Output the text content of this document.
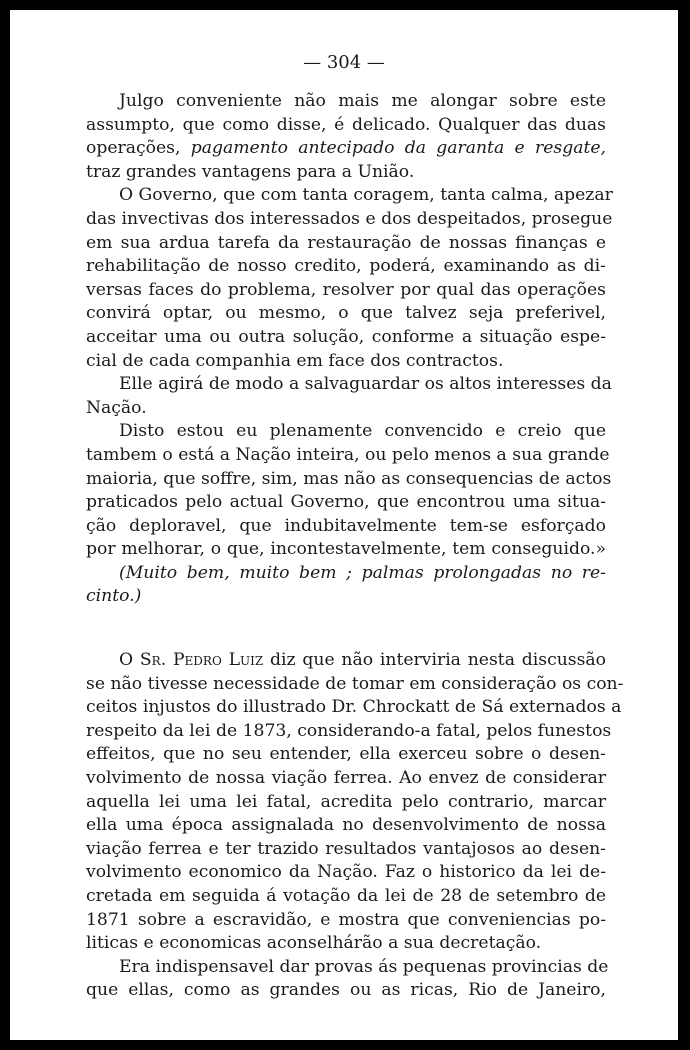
— 304 —

Julgo conveniente não mais me alongar sobre este
assumpto, que como disse, é delicado. Qualquer das duas
operações, pagamento antecipado da garanta e resgate,
traz grandes vantagens para a União.

O Governo, que com tanta coragem, tanta calma, apezar
das invectivas dos interessados e dos despeitados, prosegue
em sua ardua tarefa da restauração de nossas finanças e
rehabilitação de nosso credito, poderá, examinando as di-
versas faces do problema, resolver por qual das operações
convirá optar, ou mesmo, o que talvez seja preferivel,
acceitar uma ou outra solução, conforme a situação espe-
cial de cada companhia em face dos contractos.

Elle agirá de modo a salvaguardar os altos interesses da
Nação.

Disto estou eu plenamente convencido e creio que
tambem o está a Nação inteira, ou pelo menos a sua grande
maioria, que soffre, sim, mas não as consequencias de actos
praticados pelo actual Governo, que encontrou uma situa-
ção deploravel, que indubitavelmente tem-se esforçado
por melhorar, o que, incontestavelmente, tem conseguido.»

(Muito bem, muito bem ; palmas prolongadas no re-
cinto.)

O Sr. Pedro Luiz diz que não interviria nesta discussão
se não tivesse necessidade de tomar em consideração os con-
ceitos injustos do illustrado Dr. Chrockatt de Sá externados a
respeito da lei de 1873, considerando-a fatal, pelos funestos
effeitos, que no seu entender, ella exerceu sobre o desen-
volvimento de nossa viação ferrea. Ao envez de considerar
aquella lei uma lei fatal, acredita pelo contrario, marcar
ella uma época assignalada no desenvolvimento de nossa
viação ferrea e ter trazido resultados vantajosos ao desen-
volvimento economico da Nação. Faz o historico da lei de-
cretada em seguida á votação da lei de 28 de setembro de
1871 sobre a escravidão, e mostra que conveniencias po-
liticas e economicas aconselhárão a sua decretação.

Era indispensavel dar provas ás pequenas provincias de
que ellas, como as grandes ou as ricas, Rio de Janeiro,
